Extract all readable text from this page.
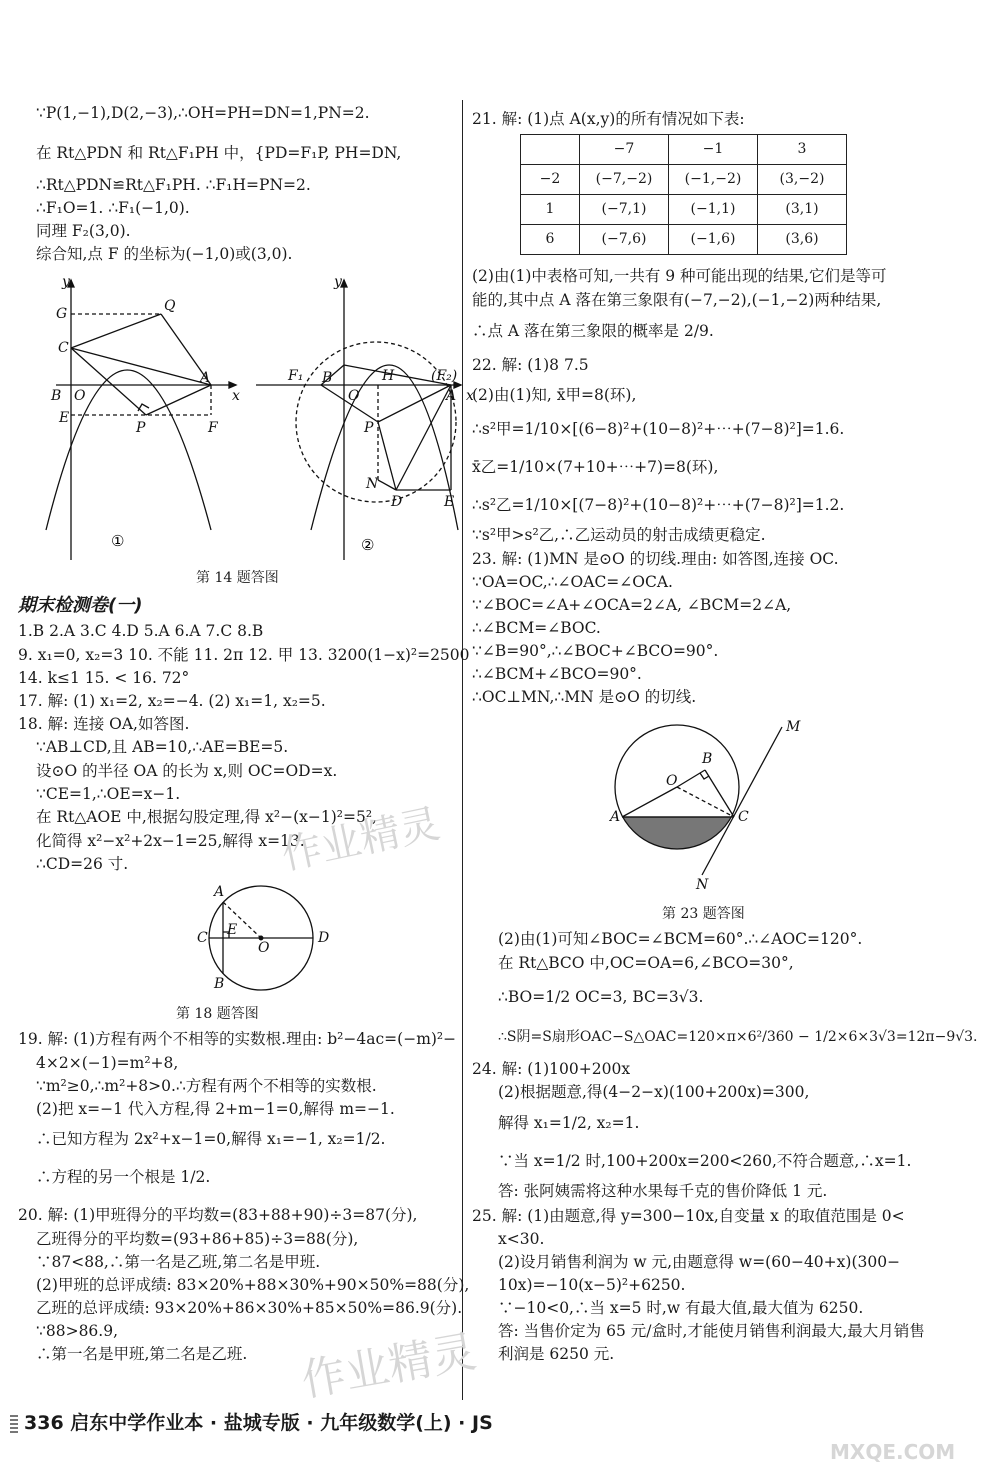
∵P(1,−1),D(2,−3),∴OH=PH=DN=1,PN=2.
在 Rt△PDN 和 Rt△F₁PH 中，{PD=F₁P, PH=DN,
∴Rt△PDN≌Rt△F₁PH. ∴F₁H=PN=2.
∴F₁O=1. ∴F₁(−1,0).
同理 F₂(3,0).
综合知,点 F 的坐标为(−1,0)或(3,0).
y
G	Q
C
O
B
A
x
E
P	F
y
F₁ B	H
O
(F₂)
A x
P
N
D	E
①	②
第 14 题答图
期末检测卷(一)
1.B 2.A 3.C 4.D 5.A 6.A 7.C 8.B
9. x₁=0, x₂=3 10. 不能 11. 2π 12. 甲 13. 3200(1−x)²=2500
14. k≤1 15. < 16. 72°
17. 解: (1) x₁=2, x₂=−4. (2) x₁=1, x₂=5.
18. 解: 连接 OA,如答图.
∵AB⊥CD,且 AB=10,∴AE=BE=5.
设⊙O 的半径 OA 的长为 x,则 OC=OD=x.
∵CE=1,∴OE=x−1.
在 Rt△AOE 中,根据勾股定理,得 x²−(x−1)²=5²,
化简得 x²−x²+2x−1=25,解得 x=13.
∴CD=26 寸.
A
C E
O
D
B
第 18 题答图
19. 解: (1)方程有两个不相等的实数根.理由: b²−4ac=(−m)²−
4×2×(−1)=m²+8,
∵m²≥0,∴m²+8>0.∴方程有两个不相等的实数根.
(2)把 x=−1 代入方程,得 2+m−1=0,解得 m=−1.
∴已知方程为 2x²+x−1=0,解得 x₁=−1, x₂=1/2.
∴方程的另一个根是 1/2.
20. 解: (1)甲班得分的平均数=(83+88+90)÷3=87(分),
乙班得分的平均数=(93+86+85)÷3=88(分),
∵87<88,∴第一名是乙班,第二名是甲班.
(2)甲班的总评成绩: 83×20%+88×30%+90×50%=88(分),
乙班的总评成绩: 93×20%+86×30%+85×50%=86.9(分).
∵88>86.9,
∴第一名是甲班,第二名是乙班.
21. 解: (1)点 A(x,y)的所有情况如下表:
	−7	−1	3
−2	(−7,−2)	(−1,−2)	(3,−2)
1	(−7,1)	(−1,1)	(3,1)
6	(−7,6)	(−1,6)	(3,6)
(2)由(1)中表格可知,一共有 9 种可能出现的结果,它们是等可
能的,其中点 A 落在第三象限有(−7,−2),(−1,−2)两种结果,
∴点 A 落在第三象限的概率是 2/9.
22. 解: (1)8 7.5
(2)由(1)知, x̄甲=8(环),
∴s²甲=1/10×[(6−8)²+(10−8)²+⋯+(7−8)²]=1.6.
x̄乙=1/10×(7+10+⋯+7)=8(环),
∴s²乙=1/10×[(7−8)²+(10−8)²+⋯+(7−8)²]=1.2.
∵s²甲>s²乙,∴乙运动员的射击成绩更稳定.
23. 解: (1)MN 是⊙O 的切线.理由: 如答图,连接 OC.
∵OA=OC,∴∠OAC=∠OCA.
∵∠BOC=∠A+∠OCA=2∠A, ∠BCM=2∠A,
∴∠BCM=∠BOC.
∵∠B=90°,∴∠BOC+∠BCO=90°.
∴∠BCM+∠BCO=90°.
∴OC⊥MN,∴MN 是⊙O 的切线.
M
B
O
A	C
N
第 23 题答图
(2)由(1)可知∠BOC=∠BCM=60°.∴∠AOC=120°.
在 Rt△BCO 中,OC=OA=6,∠BCO=30°,
∴BO=1/2 OC=3, BC=3√3.
∴S阴=S扇形OAC−S△OAC=120×π×6²/360 − 1/2×6×3√3=12π−9√3.
24. 解: (1)100+200x
(2)根据题意,得(4−2−x)(100+200x)=300,
解得 x₁=1/2, x₂=1.
∵当 x=1/2 时,100+200x=200<260,不符合题意,∴x=1.
答: 张阿姨需将这种水果每千克的售价降低 1 元.
25. 解: (1)由题意,得 y=300−10x,自变量 x 的取值范围是 0<
x<30.
(2)设月销售利润为 w 元,由题意得 w=(60−40+x)(300−
10x)=−10(x−5)²+6250.
∵−10<0,∴当 x=5 时,w 有最大值,最大值为 6250.
答: 当售价定为 65 元/盒时,才能使月销售利润最大,最大月销售
利润是 6250 元.
作业精灵
作业精灵
MXQE.COM
336 启东中学作业本 · 盐城专版 · 九年级数学(上) · JS
